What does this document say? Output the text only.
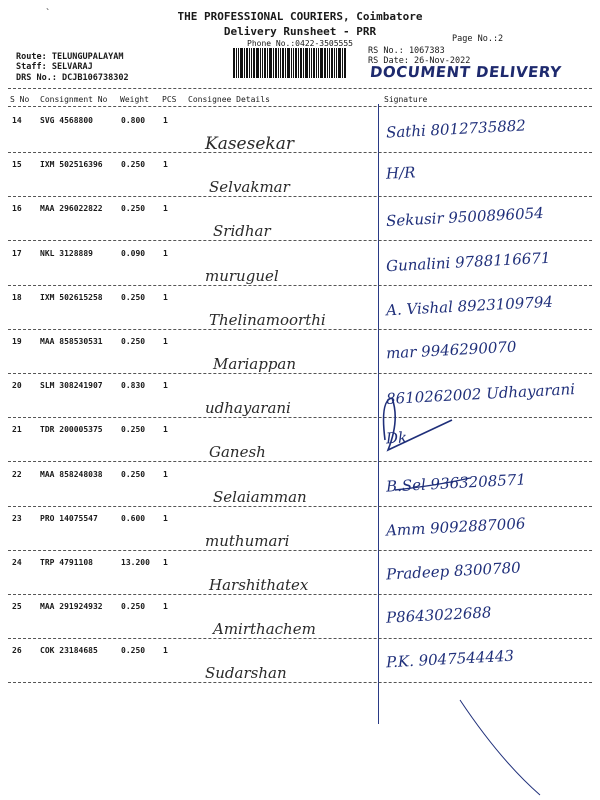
`	THE PROFESSIONAL COURIERS, Coimbatore
Delivery Runsheet - PRR
Phone No.:0422-3505555	Page No.:2
Route: TELUNGUPALAYAM
Staff: SELVARAJ
DRS No.: DCJB106738302
RS No.: 1067383
RS Date: 26-Nov-2022
DOCUMENT DELIVERY
S No Consignment No Weight PCS Consignee Details	Signature
14 SVG 4568800	0.800 1
Kasesekar
Sathi 8012735882
15 IXM 502516396 0.250 1
Selvakmar
H/R
16 MAA 296022822 0.250 1
Sridhar
Sekusir 9500896054
17 NKL 3128889	0.090 1
muruguel
Gunalini 9788116671
18 IXM 502615258 0.250 1
Thelinamoorthi
A. Vishal 8923109794
19 MAA 858530531 0.250 1
Mariappan
mar 9946290070
20 SLM 308241907 0.830 1
udhayarani
8610262002 Udhayarani
21 TDR 200005375 0.250 1
Ganesh
Dk
22 MAA 858248038 0.250 1
Selaiamman
B.Sel 9363208571
23 PRO 14075547	0.600 1
muthumari
Amm 9092887006
24 TRP 4791108	13.200 1
Harshithatex
Pradeep 8300780
25 MAA 291924932 0.250 1
Amirthachem
P8643022688
26 COK 23184685	0.250 1
Sudarshan
P.K. 9047544443
